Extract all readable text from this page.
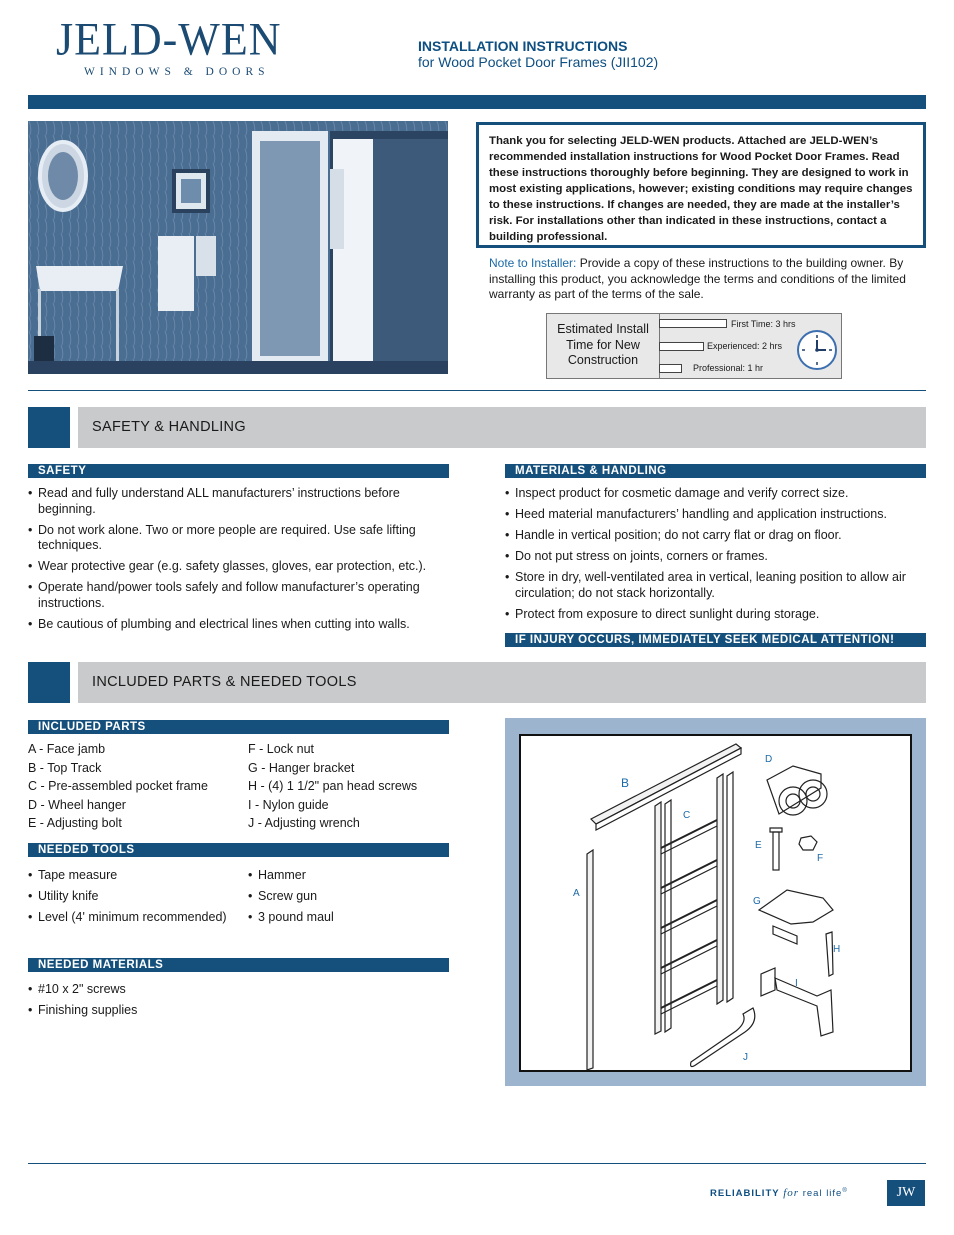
JELD-WEN
WINDOWS & DOORS
INSTALLATION INSTRUCTIONS
for Wood Pocket Door Frames (JII102)
Thank you for selecting JELD-WEN products. Attached are JELD-WEN’s recommended installation instructions for Wood Pocket Door Frames. Read these instructions thoroughly before beginning. They are designed to work in most existing applications, however; existing conditions may require changes to these instructions. If changes are needed, they are made at the installer’s risk. For installations other than indicated in these instructions, contact a building professional.
Note to Installer: Provide a copy of these instructions to the building owner. By installing this product, you acknowledge the terms and conditions of the limited warranty as part of the terms of the sale.
Estimated Install Time for New Construction
First Time: 3 hrs
Experienced: 2 hrs
Professional: 1 hr
SAFETY & HANDLING
SAFETY
• Read and fully understand ALL manufacturers’ instructions before beginning.
• Do not work alone. Two or more people are required. Use safe lifting techniques.
• Wear protective gear (e.g. safety glasses, gloves, ear protection, etc.).
• Operate hand/power tools safely and follow manufacturer’s operating instructions.
• Be cautious of plumbing and electrical lines when cutting into walls.
MATERIALS & HANDLING
• Inspect product for cosmetic damage and verify correct size.
• Heed material manufacturers’ handling and application instructions.
• Handle in vertical position; do not carry flat or drag on floor.
• Do not put stress on joints, corners or frames.
• Store in dry, well-ventilated area in vertical, leaning position to allow air circulation; do not stack horizontally.
• Protect from exposure to direct sunlight during storage.
IF INJURY OCCURS, IMMEDIATELY SEEK MEDICAL ATTENTION!
INCLUDED PARTS & NEEDED TOOLS
INCLUDED PARTS
A - Face jamb
B - Top Track
C - Pre-assembled pocket frame
D - Wheel hanger
E - Adjusting bolt
F - Lock nut
G - Hanger bracket
H - (4) 1 1/2" pan head screws
I - Nylon guide
J - Adjusting wrench
NEEDED TOOLS
• Tape measure
• Utility knife
• Level (4' minimum recommended)
• Hammer
• Screw gun
• 3 pound maul
NEEDED MATERIALS
• #10 x 2" screws
• Finishing supplies
A
B
C
D
E
F
G
H
I
J
RELIABILITY for real life®	JW
